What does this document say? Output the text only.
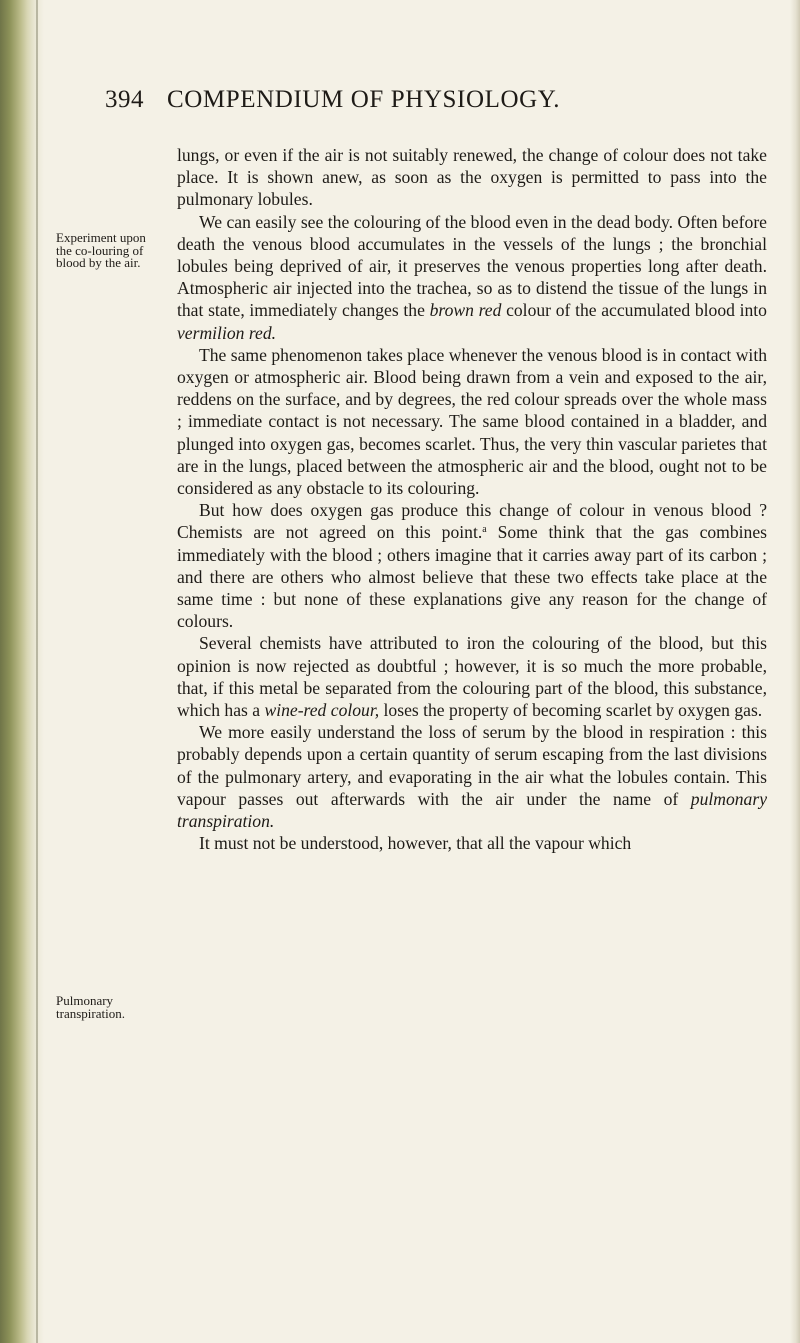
394 COMPENDIUM OF PHYSIOLOGY.
Experiment upon the co-louring of blood by the air.
Pulmonary transpiration.

lungs, or even if the air is not suitably renewed, the change of colour does not take place. It is shown anew, as soon as the oxygen is permitted to pass into the pulmonary lobules.

We can easily see the colouring of the blood even in the dead body. Often before death the venous blood accumulates in the vessels of the lungs ; the bronchial lobules being deprived of air, it preserves the venous properties long after death. Atmospheric air injected into the trachea, so as to distend the tissue of the lungs in that state, immediately changes the brown red colour of the accumulated blood into vermilion red.

The same phenomenon takes place whenever the venous blood is in contact with oxygen or atmospheric air. Blood being drawn from a vein and exposed to the air, reddens on the surface, and by degrees, the red colour spreads over the whole mass ; immediate contact is not necessary. The same blood contained in a bladder, and plunged into oxygen gas, becomes scarlet. Thus, the very thin vascular parietes that are in the lungs, placed between the atmospheric air and the blood, ought not to be considered as any obstacle to its colouring.

But how does oxygen gas produce this change of colour in venous blood ? Chemists are not agreed on this point.$^a$ Some think that the gas combines immediately with the blood ; others imagine that it carries away part of its carbon ; and there are others who almost believe that these two effects take place at the same time : but none of these explanations give any reason for the change of colours.

Several chemists have attributed to iron the colouring of the blood, but this opinion is now rejected as doubtful ; however, it is so much the more probable, that, if this metal be separated from the colouring part of the blood, this substance, which has a wine-red colour, loses the property of becoming scarlet by oxygen gas.

We more easily understand the loss of serum by the blood in respiration : this probably depends upon a certain quantity of serum escaping from the last divisions of the pulmonary artery, and evaporating in the air what the lobules contain. This vapour passes out afterwards with the air under the name of pulmonary transpiration.

It must not be understood, however, that all the vapour which
